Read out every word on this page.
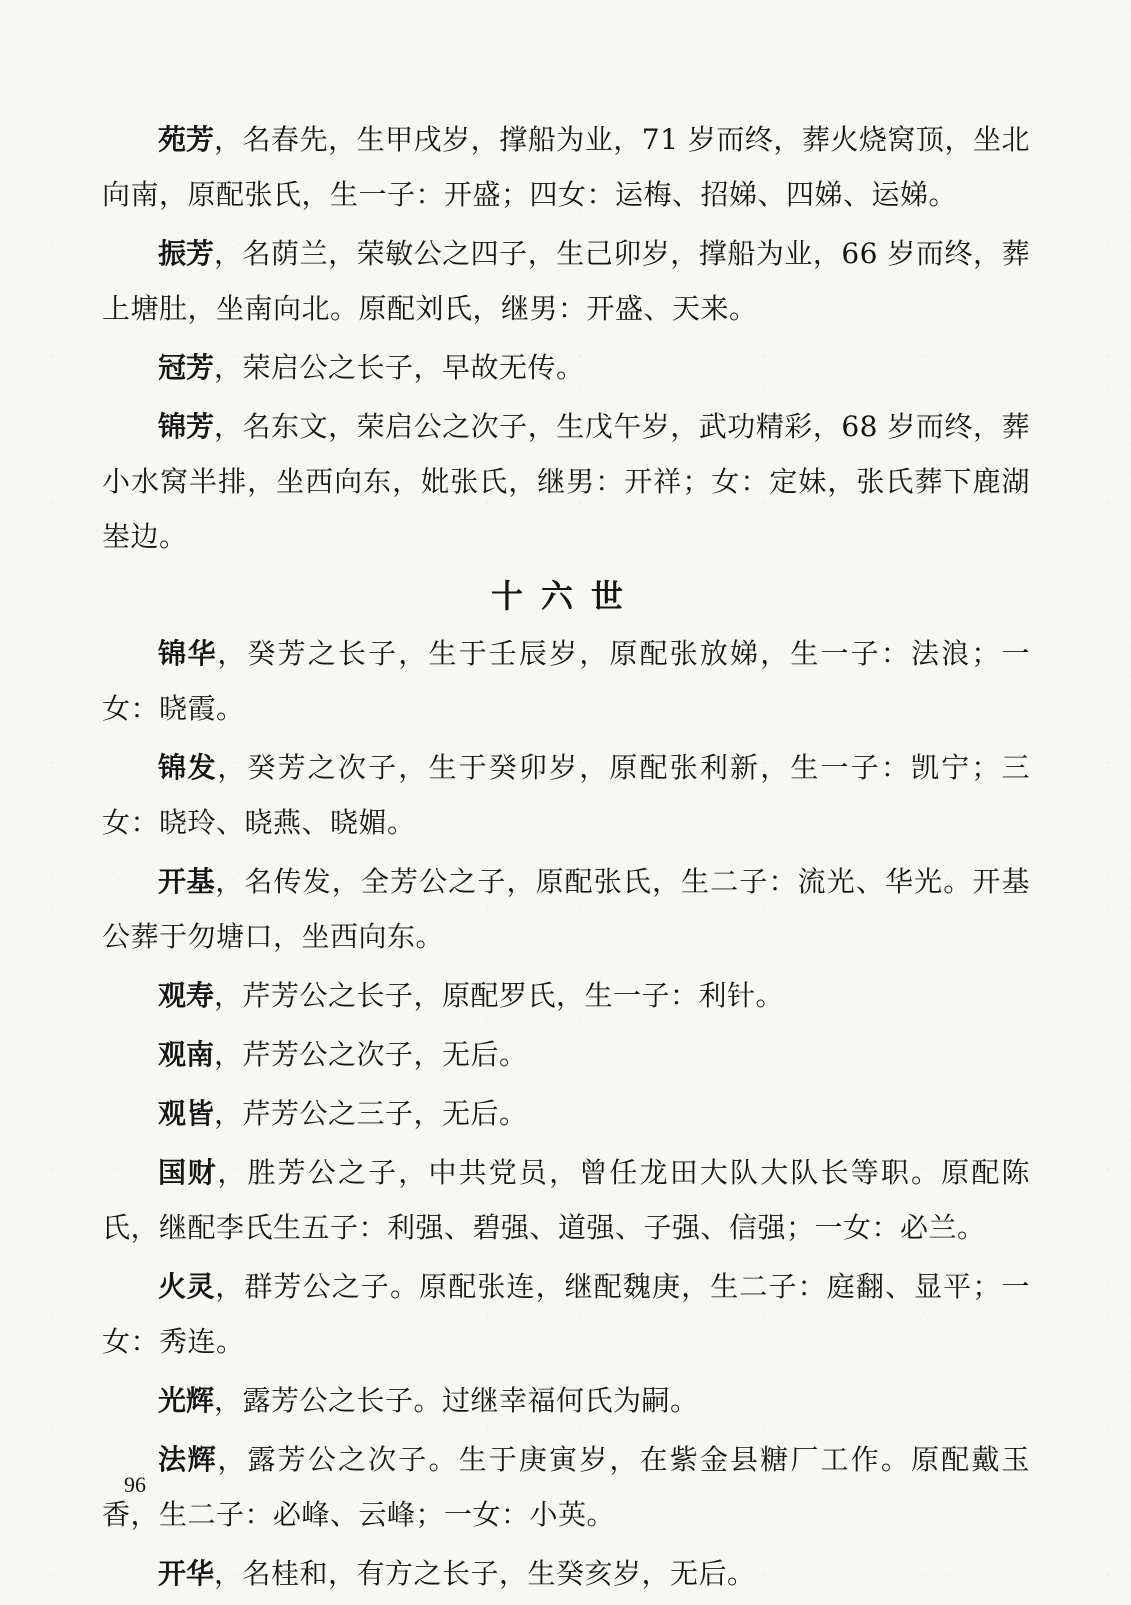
苑芳，名春先，生甲戌岁，撑船为业，71 岁而终，葬火烧窝顶，坐北向南，原配张氏，生一子：开盛；四女：运梅、招娣、四娣、运娣。

振芳，名荫兰，荣敏公之四子，生己卯岁，撑船为业，66 岁而终，葬上塘肚，坐南向北。原配刘氏，继男：开盛、天来。

冠芳，荣启公之长子，早故无传。

锦芳，名东文，荣启公之次子，生戊午岁，武功精彩，68 岁而终，葬小水窝半排，坐西向东，妣张氏，继男：开祥；女：定妹，张氏葬下鹿湖峚边。

十六世

锦华，癸芳之长子，生于壬辰岁，原配张放娣，生一子：法浪；一女：晓霞。

锦发，癸芳之次子，生于癸卯岁，原配张利新，生一子：凯宁；三女：晓玲、晓燕、晓媚。

开基，名传发，全芳公之子，原配张氏，生二子：流光、华光。开基公葬于勿塘口，坐西向东。

观寿，芹芳公之长子，原配罗氏，生一子：利针。

观南，芹芳公之次子，无后。

观皆，芹芳公之三子，无后。

国财，胜芳公之子，中共党员，曾任龙田大队大队长等职。原配陈氏，继配李氏生五子：利强、碧强、道强、子强、信强；一女：必兰。

火灵，群芳公之子。原配张连，继配魏庚，生二子：庭翻、显平；一女：秀连。

光辉，露芳公之长子。过继幸福何氏为嗣。

法辉，露芳公之次子。生于庚寅岁，在紫金县糖厂工作。原配戴玉香，生二子：必峰、云峰；一女：小英。

开华，名桂和，有方之长子，生癸亥岁，无后。

96
